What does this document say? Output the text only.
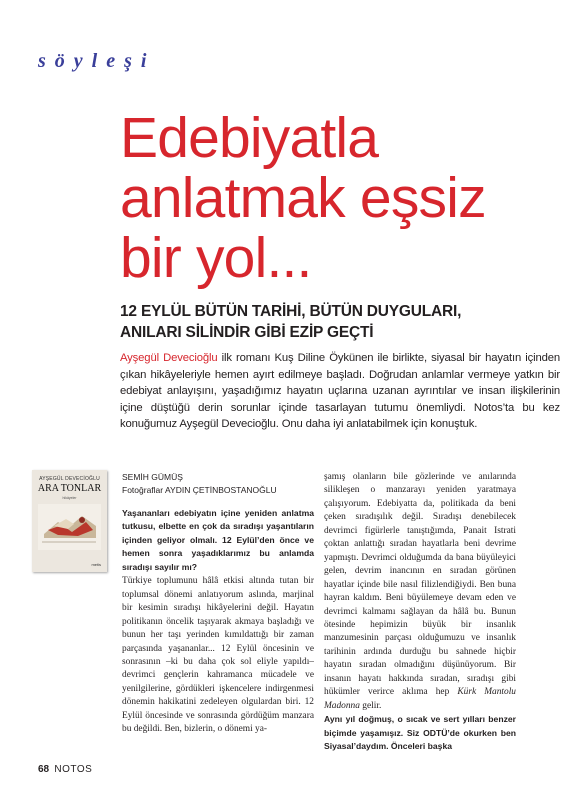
söyleşi
Edebiyatla
anlatmak eşsiz
bir yol...
12 EYLÜL BÜTÜN TARİHİ, BÜTÜN DUYGULARI,
ANILARI SİLİNDİR GİBİ EZİP GEÇTİ

Ayşegül Devecioğlu ilk romanı Kuş Diline Öykünen ile birlikte, siyasal bir hayatın içinden çıkan hikâyeleriyle hemen ayırt edilmeye başladı. Doğrudan anlamlar vermeye yatkın bir edebiyat anlayışını, yaşadığımız hayatın uçlarına uzanan ayrıntılar ve insan ilişkilerinin içine düştüğü derin sorunlar içinde tasarlayan tutumu önemliydi. Notos’ta bu kez konuğumuz Ayşegül Devecioğlu. Onu daha iyi anlatabilmek için konuştuk.

AYŞEGÜL DEVECİOĞLU
ARA TONLAR
hikâyeler
metis
SEMİH GÜMÜŞ
Fotoğraflar AYDIN ÇETİNBOSTANOĞLU

Yaşananları edebiyatın içine yeniden anlatma tutkusu, elbette en çok da sıradışı yaşantıların içinden geliyor olmalı. 12 Eylül’den önce ve hemen sonra yaşadıklarımız bu anlamda sıradışı sayılır mı?

Türkiye toplumunu hâlâ etkisi altında tutan bir toplumsal dönemi anlatıyorum aslında, marjinal bir kesimin sıradışı hikâyelerini değil. Hayatın politikanın öncelik taşıyarak akmaya başladığı ve bunun her taşı yerinden kımıldattığı bir zaman parçasında yaşananlar... 12 Eylül öncesinin ve sonrasının –ki bu daha çok sol eliyle yapıldı– devrimci gençlerin kahramanca mücadele ve yenilgilerine, gördükleri işkencelere indirgenmesi dönemin hakikatini zedeleyen olgulardan biri. 12 Eylül öncesinde ve sonrasında gördüğüm manzara bu değildi. Ben, bizlerin, o dönemi ya-

şamış olanların bile gözlerinde ve anılarında silikleşen o manzarayı yeniden yaratmaya çalışıyorum. Edebiyatta da, politikada da beni çeken sıradışılık değil. Sıradışı denebilecek devrimci figürlerle tanıştığımda, Panait Istrati çoktan anlattığı sıradan hayatlarla beni devrime yapmıştı. Devrimci olduğumda da bana büyüleyici gelen, devrim inancının en sıradan görünen hayatlar içinde bile nasıl filizlendiğiydi. Ben buna hayran kaldım. Beni büyülemeye devam eden ve devrimci kalmamı sağlayan da hâlâ bu. Bunun ötesinde hepimizin büyük bir insanlık manzumesinin parçası olduğumuzu ve insanlık tarihinin ardında durduğu bu sahnede hiçbir hayatın sıradan olmadığını düşünüyorum. Bir insanın hayatı hakkında sıradan, sıradışı gibi hükümler verirce aklıma hep Kürk Mantolu Madonna gelir.

Aynı yıl doğmuş, o sıcak ve sert yılları benzer biçimde yaşamışız. Siz ODTÜ’de okurken ben Siyasal’daydım. Önceleri başka

68 NOTOS
